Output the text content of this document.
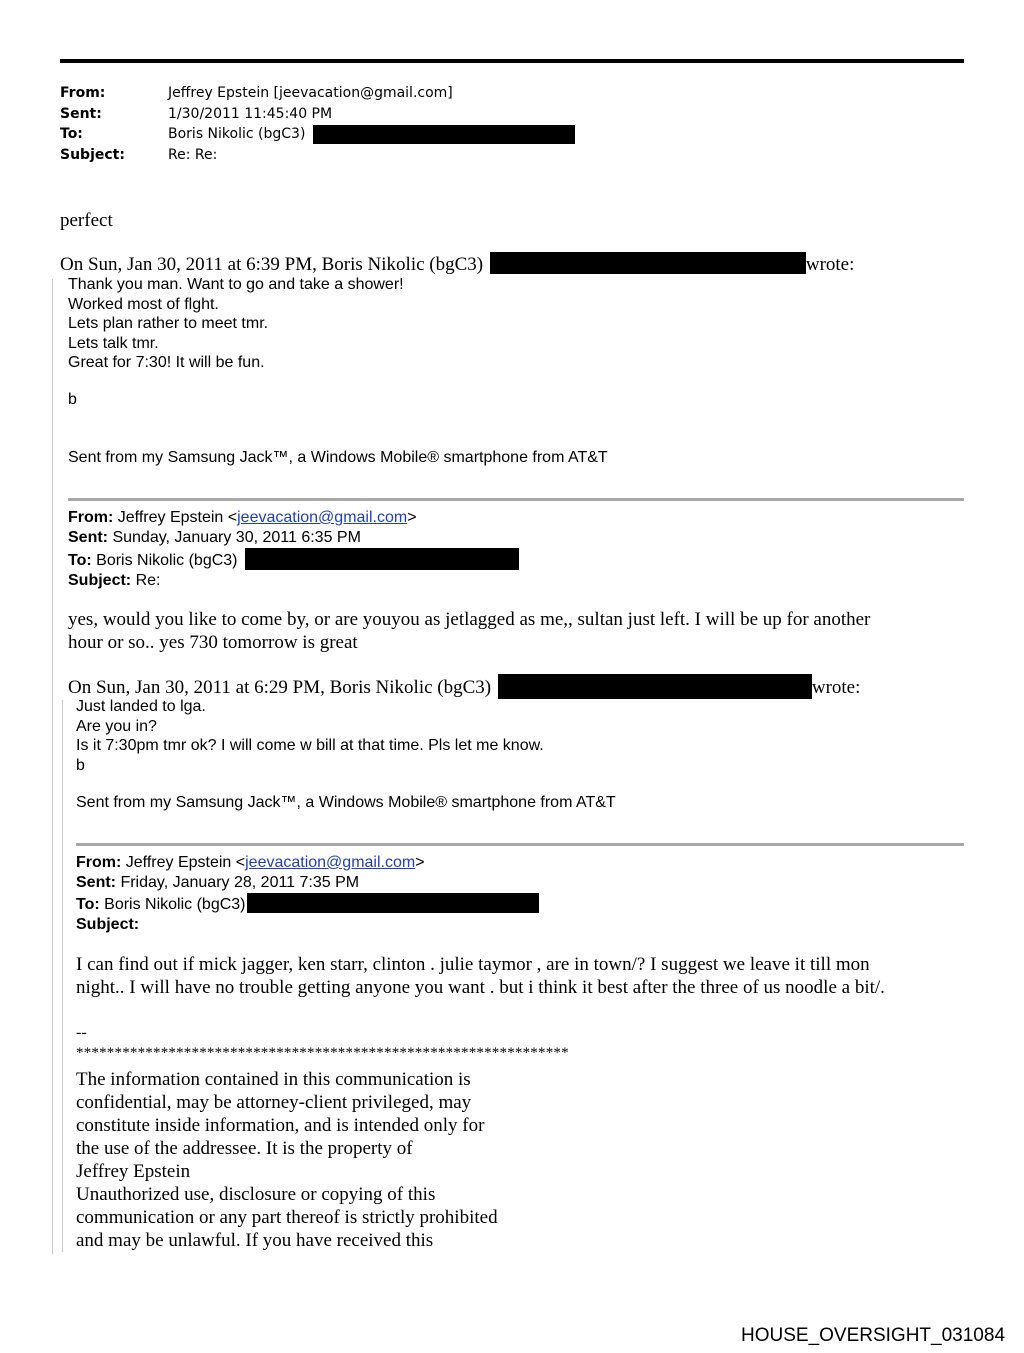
From:	Jeffrey Epstein [jeevacation@gmail.com]
Sent:	1/30/2011 11:45:40 PM
To:	Boris Nikolic (bgC3)
Subject:	Re: Re:
perfect
On Sun, Jan 30, 2011 at 6:39 PM, Boris Nikolic (bgC3)	wrote:
Thank you man. Want to go and take a shower!
Worked most of flght.
Lets plan rather to meet tmr.
Lets talk tmr.
Great for 7:30! It will be fun.
b
Sent from my Samsung Jack™, a Windows Mobile® smartphone from AT&T
From: Jeffrey Epstein <jeevacation@gmail.com>
Sent: Sunday, January 30, 2011 6:35 PM
To: Boris Nikolic (bgC3)
Subject: Re:
yes, would you like to come by, or are youyou as jetlagged as me,, sultan just left. I will be up for another
hour or so.. yes 730 tomorrow is great
On Sun, Jan 30, 2011 at 6:29 PM, Boris Nikolic (bgC3)	wrote:
Just landed to lga.
Are you in?
Is it 7:30pm tmr ok? I will come w bill at that time. Pls let me know.
b
Sent from my Samsung Jack™, a Windows Mobile® smartphone from AT&T
From: Jeffrey Epstein <jeevacation@gmail.com>
Sent: Friday, January 28, 2011 7:35 PM
To: Boris Nikolic (bgC3)
Subject:
I can find out if mick jagger, ken starr, clinton . julie taymor , are in town/? I suggest we leave it till mon
night.. I will have no trouble getting anyone you want . but i think it best after the three of us noodle a bit/.
--
****************************************************************
The information contained in this communication is
confidential, may be attorney-client privileged, may
constitute inside information, and is intended only for
the use of the addressee. It is the property of
Jeffrey Epstein
Unauthorized use, disclosure or copying of this
communication or any part thereof is strictly prohibited
and may be unlawful. If you have received this
HOUSE_OVERSIGHT_031084
